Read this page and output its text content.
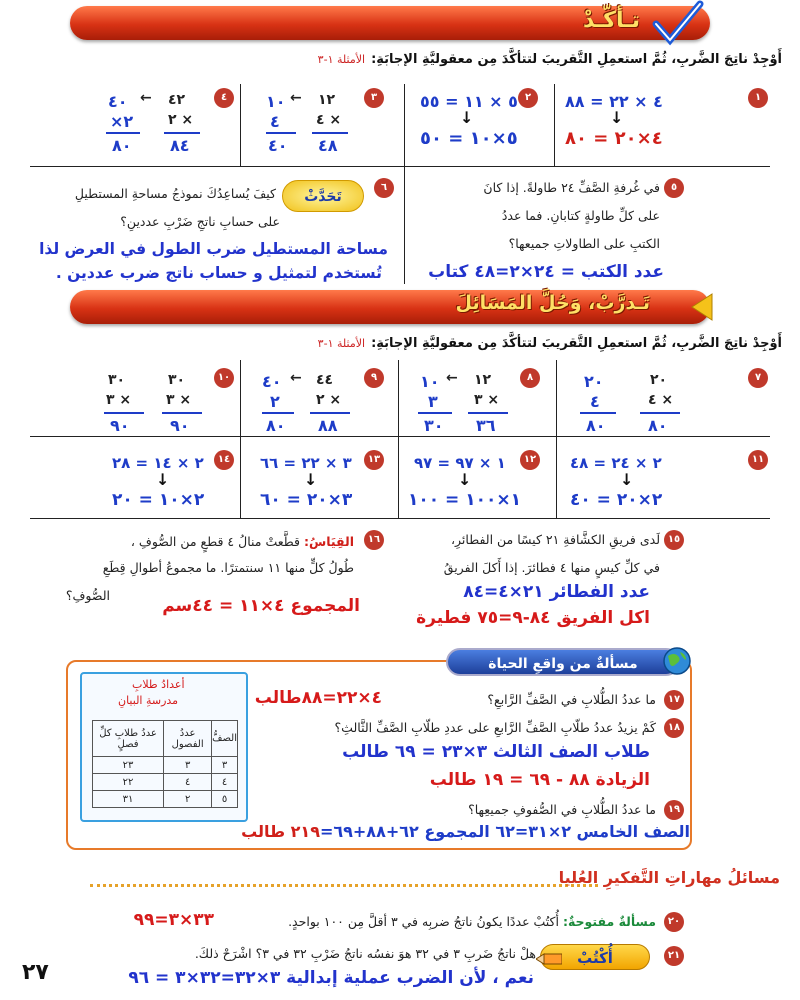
تـأكّـدْ
أَوْجِدْ ناتِجَ الضَّربِ، ثُمَّ استعمِلِ التَّقريبَ لتتأكَّدَ مِن معقوليَّةِ الإجابَةِ:الأمثلة ١-٣
١
٤ × ٢٢ = ٨٨
↓
٤×٢٠ = ٨٠
٢
٥ × ١١ = ٥٥
↓
٥×١٠ = ٥٠
٣
١٢
←
١٠
× ٤
٤
٤٨
٤٠
٤
٤٢
←
٤٠
× ٢
٢×
٨٤
٨٠
٥
في غُرفةِ الصَّفِّ ٢٤ طاولةً. إذا كانَ
على كلِّ طاولةٍ كتابانِ. فما عددُ
الكتبِ على الطاولاتِ جميعها؟
عدد الكتب = ٢٤×٢=٤٨ كتاب
٦
تَحَدَّثْ
كيفَ يُساعِدُكَ نموذجُ مساحةِ المستطيلِ
على حسابِ ناتجِ ضَرْبِ عددينِ؟
مساحة المستطيل ضرب الطول في العرض لذا
تُستخدم لتمثيل و حساب ناتج ضرب عددين .
تَـدرَّبْ، وَحُلَّ المَسَائِلَ
أَوْجِدْ ناتِجَ الضَّربِ، ثُمَّ استعمِلِ التَّقريبَ لتتأكَّدَ مِن معقوليَّةِ الإجابَةِ:الأمثلة ١-٣
٧
٢٠
٢٠
× ٤
٤
٨٠
٨٠
٨
١٢
←
١٠
× ٣
٣
٣٦
٣٠
٩
٤٤
←
٤٠
× ٢
٢
٨٨
٨٠
١٠
٣٠
٣٠
× ٣
× ٣
٩٠
٩٠
١١
٢ × ٢٤ = ٤٨
↓
٢×٢٠ = ٤٠
١٢
١ × ٩٧ = ٩٧
↓
١×١٠٠ = ١٠٠
١٣
٣ × ٢٢ = ٦٦
↓
٣×٢٠ = ٦٠
١٤
٢ × ١٤ = ٢٨
↓
٢×١٠ = ٢٠
١٥
لَدى فريقِ الكشَّافةِ ٢١ كيسًا من الفطائرِ،
في كلِّ كيسٍ منها ٤ فطائرَ. إذا أَكلَ الفريقُ
عدد الفطائر ٢١×٤=٨٤
اكل الفريق ٨٤-٩=٧٥ فطيرة
١٦
القِيَاسُ: قطَّعتْ منالُ ٤ قطعٍ من الصُّوفِ ،
طُولُ كلٍّ منها ١١ سنتمترًا. ما مجموعُ أطوالِ قِطَعِ
الصُّوفِ؟
المجموع ٤×١١ = ٤٤سم
مسألةٌ من واقعِ الحياة
أعدادُ طلابِ
مدرسةِ البيانِ
الصفُّ	عددُ الفصول	عددُ طلابِ كلِّ فصلٍ
٣	٣	٢٣
٤	٤	٢٢
٥	٢	٣١
١٧
ما عددُ الطُّلابِ في الصَّفِّ الرَّابعِ؟
٤×٢٢=٨٨طالب
١٨
كَمْ يزيدُ عددُ طلّابِ الصَّفِّ الرَّابعِ على عددِ طلّابِ الصَّفِّ الثَّالثِ؟
طلاب الصف الثالث ٣×٢٣ = ٦٩ طالب
الزيادة ٨٨ - ٦٩ = ١٩ طالب
١٩
ما عددُ الطُّلابِ في الصُّفوفِ جميعِها؟
الصف الخامس ٢×٣١=٦٢ المجموع ٦٢+٨٨+٦٩=٢١٩ طالب
مسائلُ مهاراتِ التَّفكيرِ العُليا
٢٠
مسألةٌ مفتوحةٌ: أُكتُبْ عددًا يكونُ ناتجُ ضربِه في ٣ أقلَّ مِن ١٠٠ بواحدٍ.
٣٣×٣=٩٩
٢١
أُكْتُبْ
هلْ ناتجُ ضَربِ ٣ في ٣٢ هوَ نفسُه ناتجُ ضَرْبِ ٣٢ في ٣؟ اشْرَحْ ذلكَ.
نعم ، لأن الضرب عملية إبدالية ٣×٣٢=٣٢×٣ = ٩٦
٢٧
